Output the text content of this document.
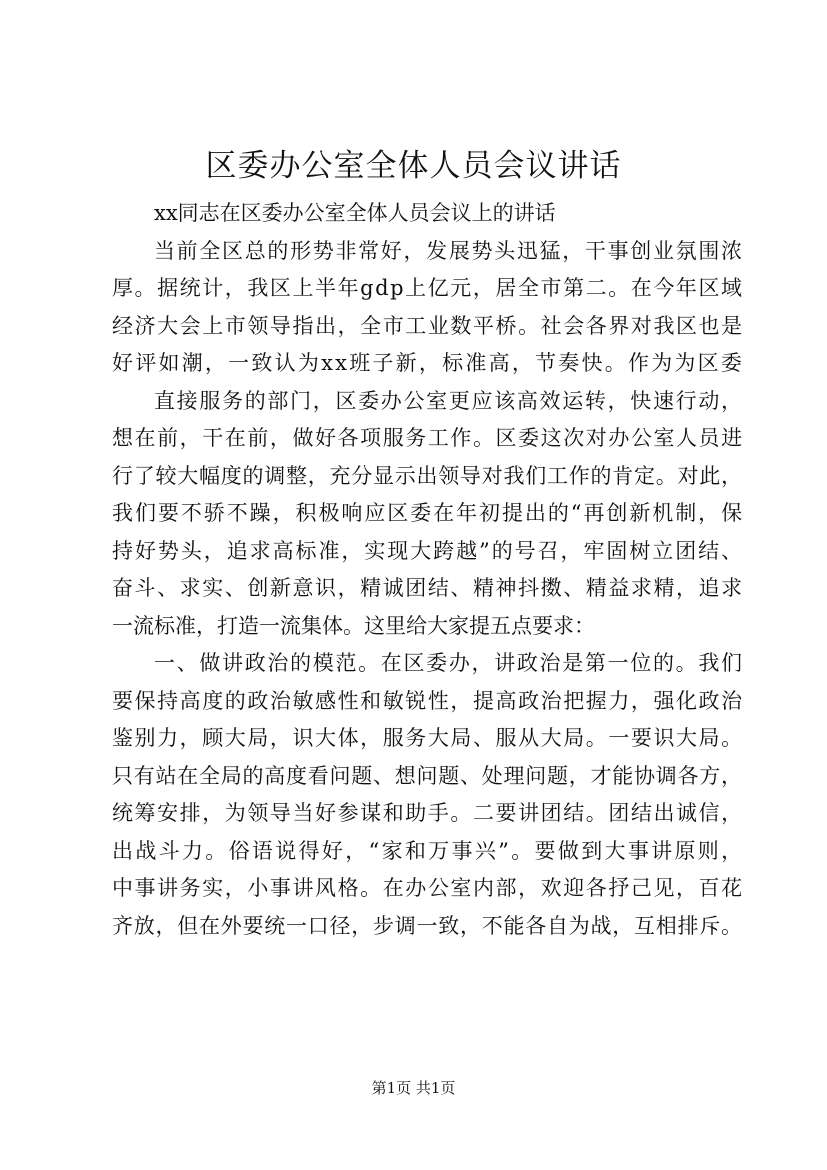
区委办公室全体人员会议讲话
xx同志在区委办公室全体人员会议上的讲话
当前全区总的形势非常好，发展势头迅猛，干事创业氛围浓
厚。据统计，我区上半年gdp上亿元，居全市第二。在今年区域
经济大会上市领导指出，全市工业数平桥。社会各界对我区也是
好评如潮，一致认为xx班子新，标准高，节奏快。作为为区委
直接服务的部门，区委办公室更应该高效运转，快速行动，
想在前，干在前，做好各项服务工作。区委这次对办公室人员进
行了较大幅度的调整，充分显示出领导对我们工作的肯定。对此，
我们要不骄不躁，积极响应区委在年初提出的“再创新机制，保
持好势头，追求高标准，实现大跨越”的号召，牢固树立团结、
奋斗、求实、创新意识，精诚团结、精神抖擞、精益求精，追求
一流标准，打造一流集体。这里给大家提五点要求：
一、做讲政治的模范。在区委办，讲政治是第一位的。我们
要保持高度的政治敏感性和敏锐性，提高政治把握力，强化政治
鉴别力，顾大局，识大体，服务大局、服从大局。一要识大局。
只有站在全局的高度看问题、想问题、处理问题，才能协调各方，
统筹安排，为领导当好参谋和助手。二要讲团结。团结出诚信，
出战斗力。俗语说得好，“家和万事兴”。要做到大事讲原则，
中事讲务实，小事讲风格。在办公室内部，欢迎各抒己见，百花
齐放，但在外要统一口径，步调一致，不能各自为战，互相排斥。
第1页 共1页
